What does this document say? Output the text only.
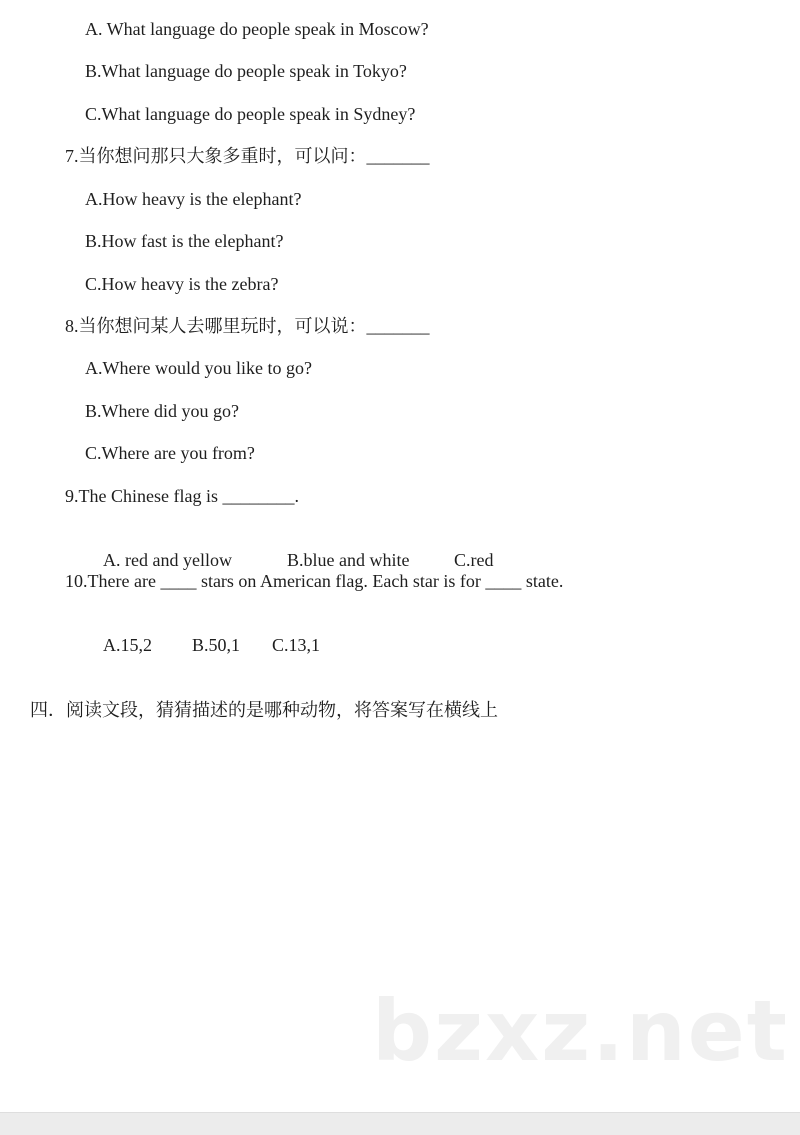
A. What language do people speak in Moscow?
B.What language do people speak in Tokyo?
C.What language do people speak in Sydney?
7.当你想问那只大象多重时，可以问：_______
A.How heavy is the elephant?
B.How fast is the elephant?
C.How heavy is the zebra?
8.当你想问某人去哪里玩时，可以说：_______
A.Where would you like to go?
B.Where did you go?
C.Where are you from?
9.The Chinese flag is ________.

A. red and yellow	B.blue and white C.red

10.There are ____ stars on American flag. Each star is for ____ state.

A.15,2 B.50,1 C.13,1

四．阅读文段，猜猜描述的是哪种动物，将答案写在横线上
bzxz.net
